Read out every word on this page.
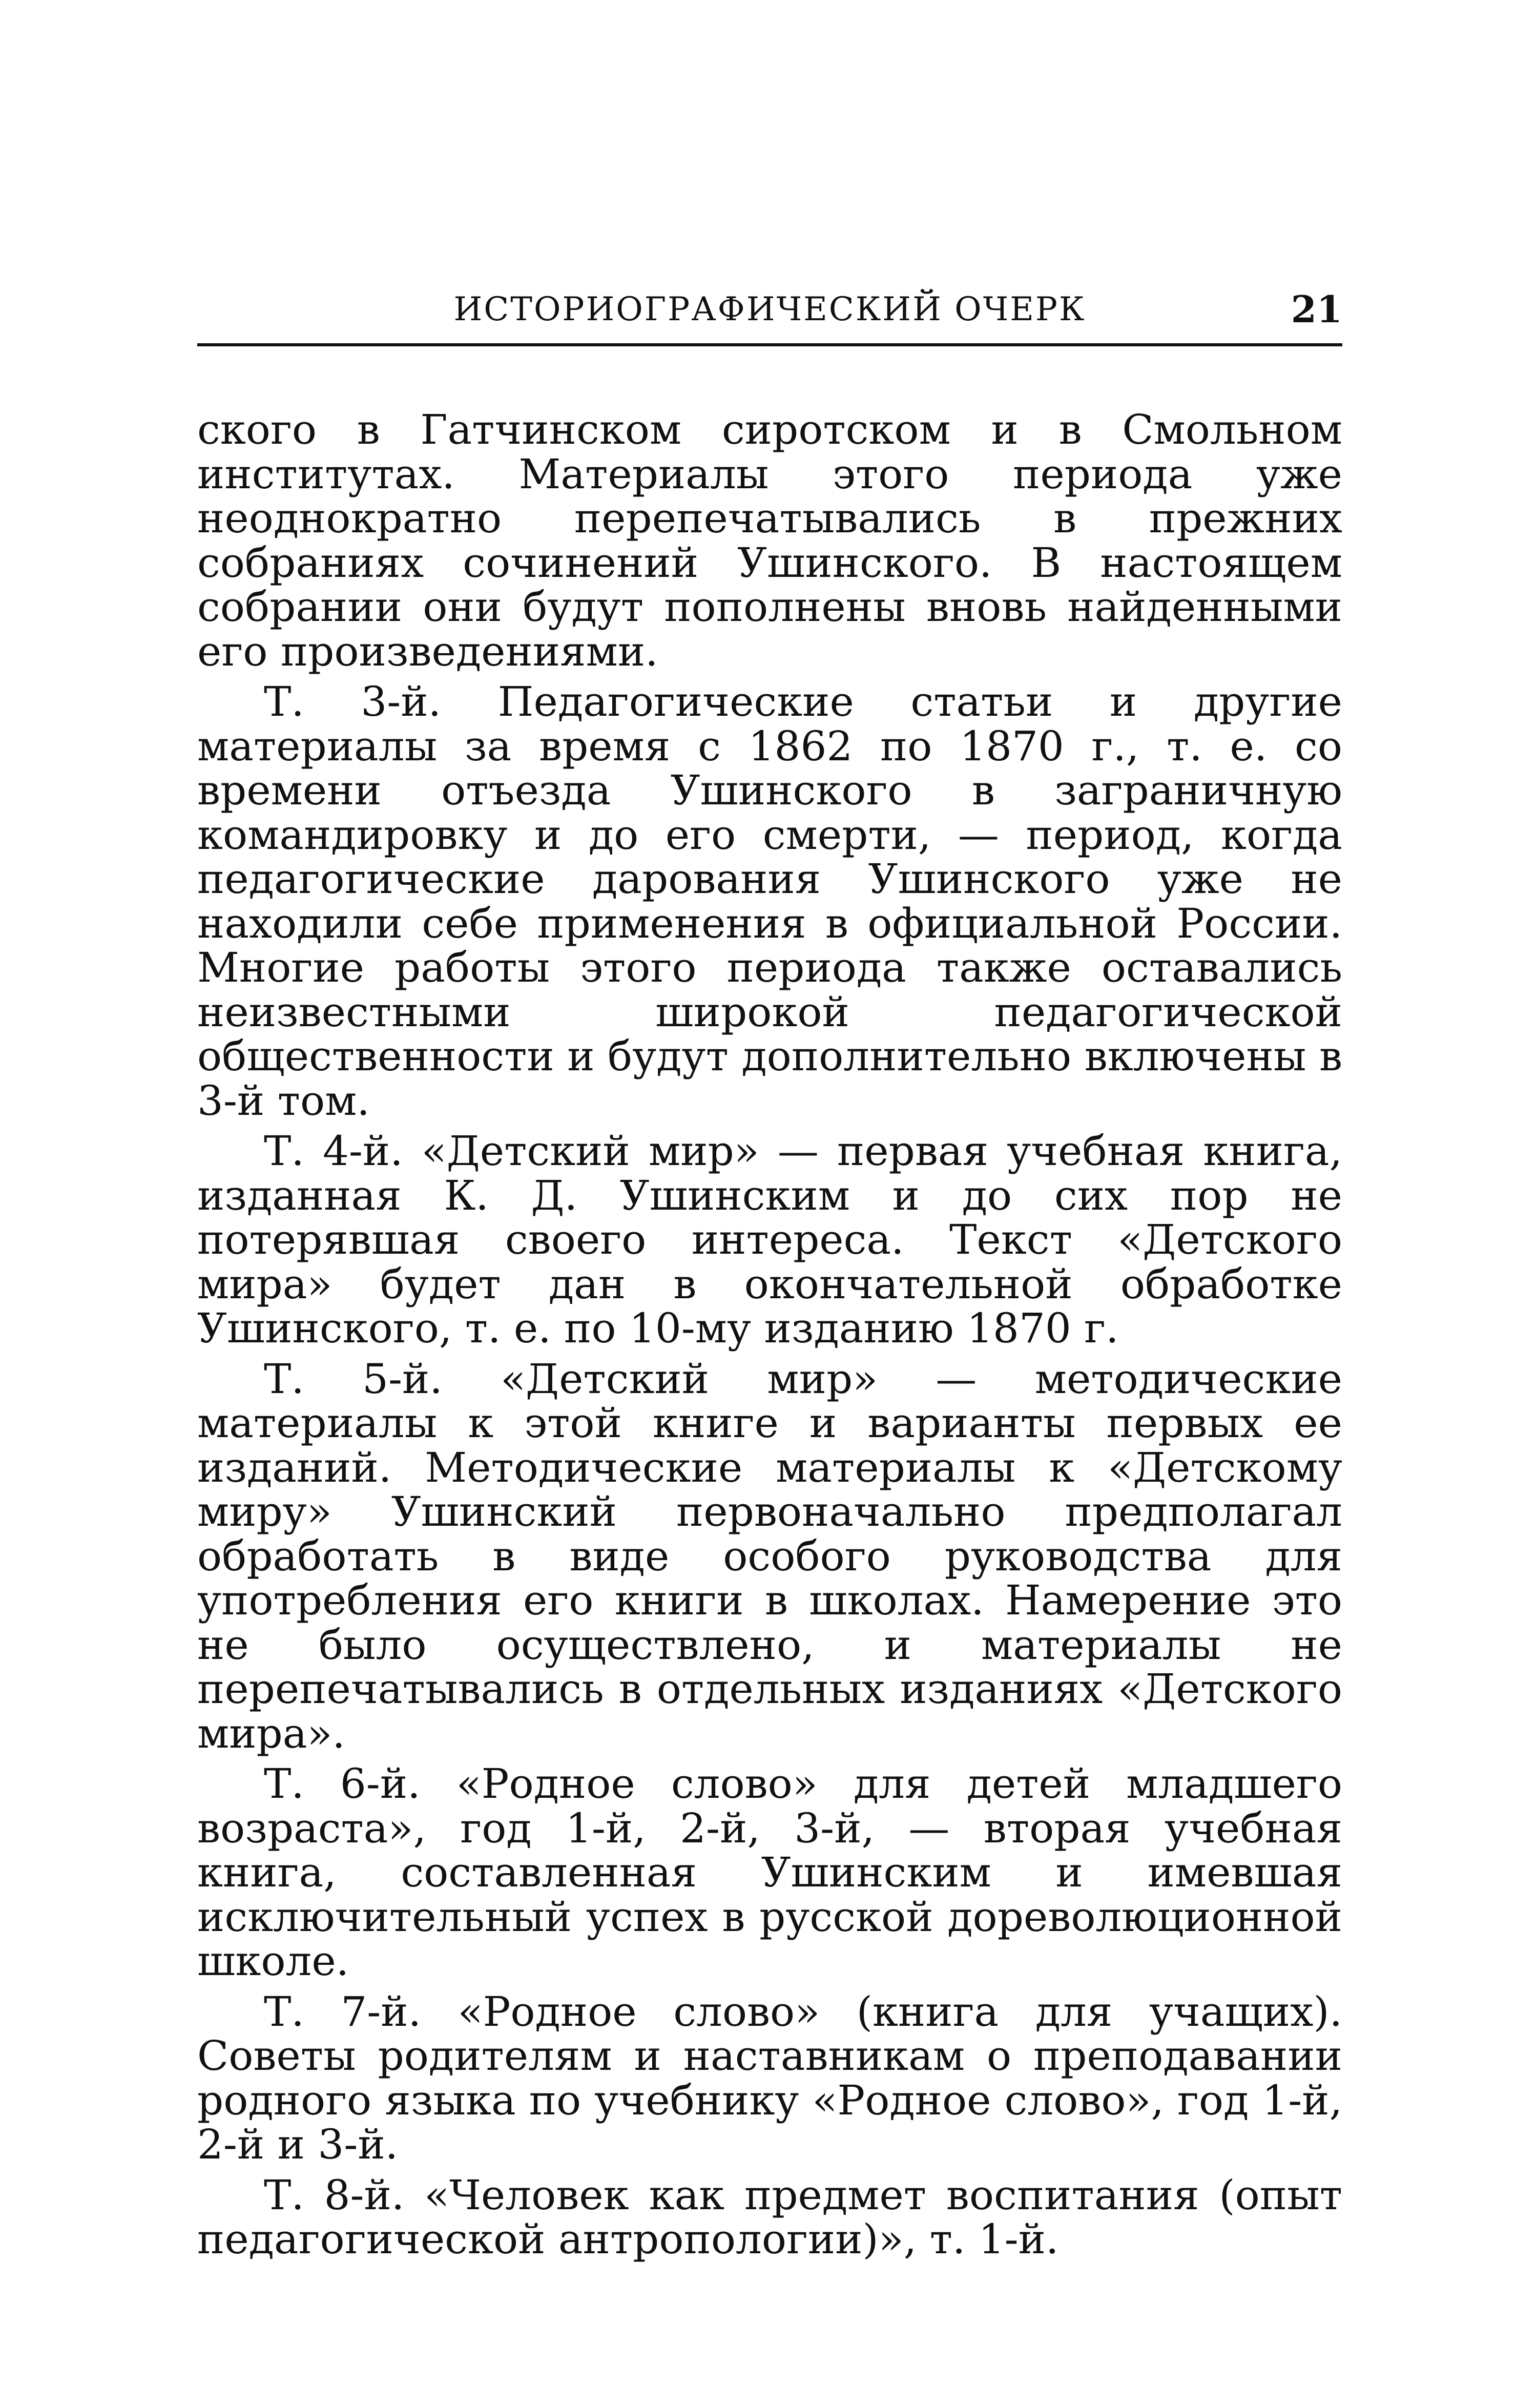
ИСТОРИОГРАФИЧЕСКИЙ ОЧЕРК	21

ского в Гатчинском сиротском и в Смольном институтах. Материалы этого периода уже неоднократно перепечатывались в прежних собраниях сочинений Ушинского. В настоящем собрании они будут пополнены вновь найденными его произведениями.

Т. 3-й. Педагогические статьи и другие материалы за время с 1862 по 1870 г., т. е. со времени отъезда Ушинского в заграничную командировку и до его смерти, — период, когда педагогические дарования Ушинского уже не находили себе применения в официальной России. Многие работы этого периода также оставались неизвестными широкой педагогической общественности и будут дополнительно включены в 3-й том.

Т. 4-й. «Детский мир» — первая учебная книга, изданная К. Д. Ушинским и до сих пор не потерявшая своего интереса. Текст «Детского мира» будет дан в окончательной обработке Ушинского, т. е. по 10-му изданию 1870 г.

Т. 5-й. «Детский мир» — методические материалы к этой книге и варианты первых ее изданий. Методические материалы к «Детскому миру» Ушинский первоначально предполагал обработать в виде особого руководства для употребления его книги в школах. Намерение это не было осуществлено, и материалы не перепечатывались в отдельных изданиях «Детского мира».

Т. 6-й. «Родное слово» для детей младшего возраста», год 1-й, 2-й, 3-й, — вторая учебная книга, составленная Ушинским и имевшая исключительный успех в русской дореволюционной школе.

Т. 7-й. «Родное слово» (книга для учащих). Советы родителям и наставникам о преподавании родного языка по учебнику «Родное слово», год 1-й, 2-й и 3-й.

Т. 8-й. «Человек как предмет воспитания (опыт педагогической антропологии)», т. 1-й.
